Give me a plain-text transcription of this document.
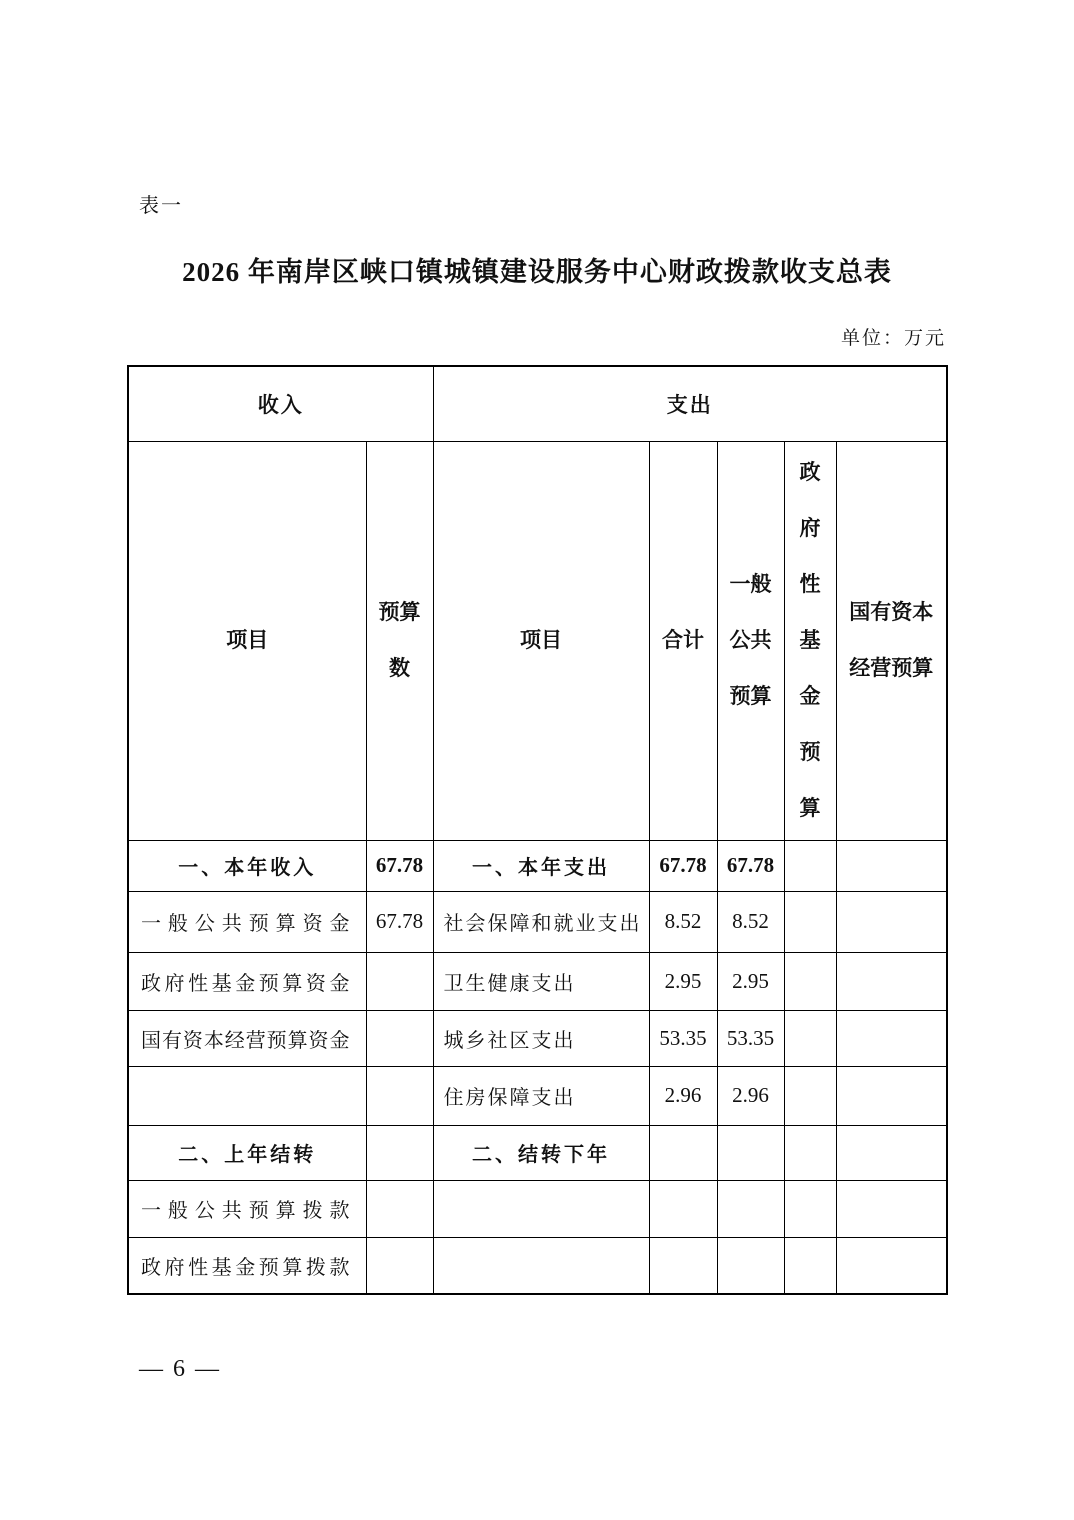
表一
2026 年南岸区峡口镇城镇建设服务中心财政拨款收支总表
单位：万元
收入		支出				
项目	预算数	项目	合计	一般公共预算	政府性基金预算	国有资本经营预算
一、本年收入	67.78	一、本年支出	67.78	67.78		
一般公共预算资金	67.78	社会保障和就业支出	8.52	8.52		
政府性基金预算资金		卫生健康支出	2.95	2.95		
国有资本经营预算资金		城乡社区支出	53.35	53.35		
		住房保障支出	2.96	2.96		
二、上年结转		二、结转下年				
一般公共预算拨款						
政府性基金预算拨款						
— 6 —
